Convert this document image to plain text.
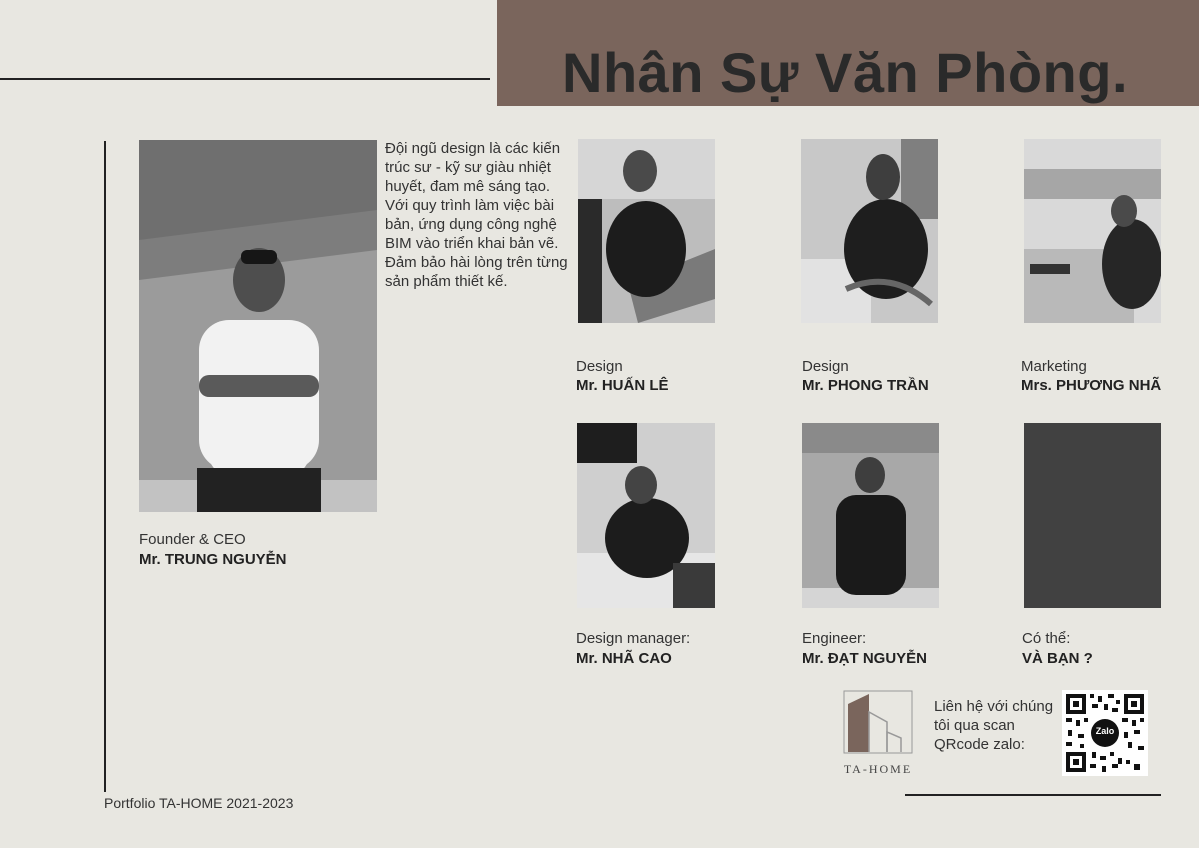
Nhân Sự Văn Phòng.
Founder & CEO
Mr. TRUNG NGUYỄN
Đội ngũ design là các kiến trúc sư - kỹ sư giàu nhiệt huyết, đam mê sáng tạo. Với quy trình làm việc bài bản, ứng dụng công nghệ BIM vào triển khai bản vẽ. Đảm bảo hài lòng trên từng sản phẩm thiết kế.
Design
Mr. HUẤN LÊ
Design
Mr. PHONG TRẦN
Marketing
Mrs. PHƯƠNG NHÃ
Design manager:
Mr. NHÃ CAO
Engineer:
Mr. ĐẠT NGUYỄN
Có thể:
VÀ BẠN ?
TA-HOME
Liên hệ với chúng tôi qua scan QRcode zalo:
Zalo
Portfolio TA-HOME 2021-2023
